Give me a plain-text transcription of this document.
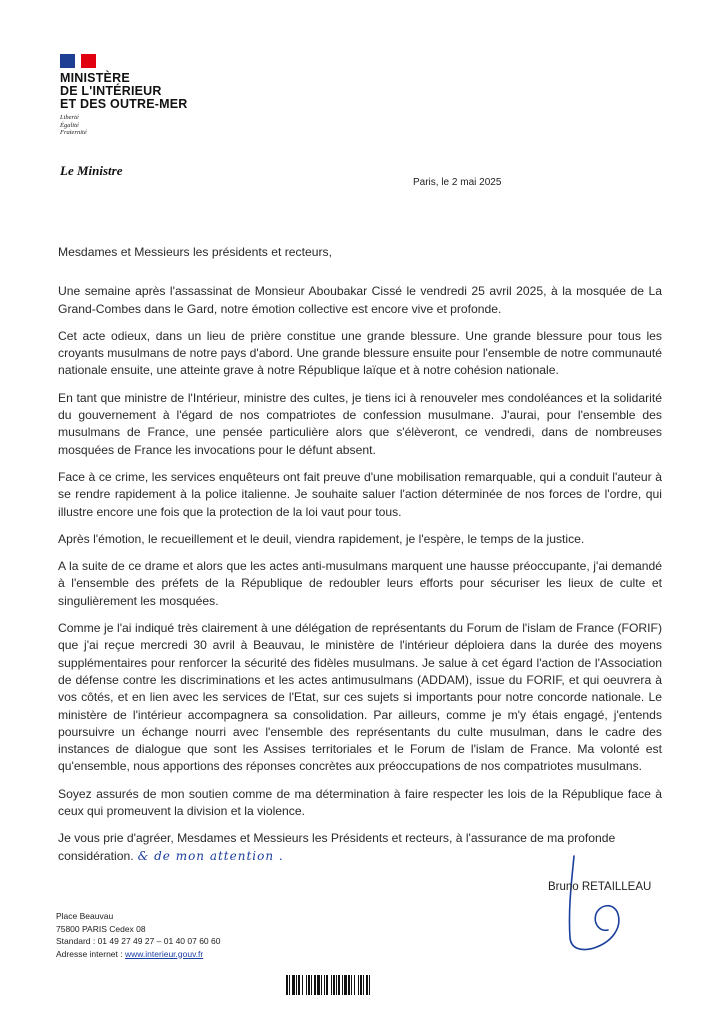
MINISTÈRE
DE L'INTÉRIEUR
ET DES OUTRE-MER
Liberté
Égalité
Fraternité
Le Ministre
Paris, le 2 mai 2025

Mesdames et Messieurs les présidents et recteurs,

Une semaine après l'assassinat de Monsieur Aboubakar Cissé le vendredi 25 avril 2025, à la mosquée de La Grand-Combes dans le Gard, notre émotion collective est encore vive et profonde.

Cet acte odieux, dans un lieu de prière constitue une grande blessure. Une grande blessure pour tous les croyants musulmans de notre pays d'abord. Une grande blessure ensuite pour l'ensemble de notre communauté nationale ensuite, une atteinte grave à notre République laïque et à notre cohésion nationale.

En tant que ministre de l'Intérieur, ministre des cultes, je tiens ici à renouveler mes condoléances et la solidarité du gouvernement à l'égard de nos compatriotes de confession musulmane. J'aurai, pour l'ensemble des musulmans de France, une pensée particulière alors que s'élèveront, ce vendredi, dans de nombreuses mosquées de France les invocations pour le défunt absent.

Face à ce crime, les services enquêteurs ont fait preuve d'une mobilisation remarquable, qui a conduit l'auteur à se rendre rapidement à la police italienne. Je souhaite saluer l'action déterminée de nos forces de l'ordre, qui illustre encore une fois que la protection de la loi vaut pour tous.

Après l'émotion, le recueillement et le deuil, viendra rapidement, je l'espère, le temps de la justice.

A la suite de ce drame et alors que les actes anti-musulmans marquent une hausse préoccupante, j'ai demandé à l'ensemble des préfets de la République de redoubler leurs efforts pour sécuriser les lieux de culte et singulièrement les mosquées.

Comme je l'ai indiqué très clairement à une délégation de représentants du Forum de l'islam de France (FORIF) que j'ai reçue mercredi 30 avril à Beauvau, le ministère de l'intérieur déploiera dans la durée des moyens supplémentaires pour renforcer la sécurité des fidèles musulmans. Je salue à cet égard l'action de l'Association de défense contre les discriminations et les actes antimusulmans (ADDAM), issue du FORIF, et qui oeuvrera à vos côtés, et en lien avec les services de l'Etat, sur ces sujets si importants pour notre concorde nationale. Le ministère de l'intérieur accompagnera sa consolidation. Par ailleurs, comme je m'y étais engagé, j'entends poursuivre un échange nourri avec l'ensemble des représentants du culte musulman, dans le cadre des instances de dialogue que sont les Assises territoriales et le Forum de l'islam de France. Ma volonté est qu'ensemble, nous apportions des réponses concrètes aux préoccupations de nos compatriotes musulmans.

Soyez assurés de mon soutien comme de ma détermination à faire respecter les lois de la République face à ceux qui promeuvent la division et la violence.

Je vous prie d'agréer, Mesdames et Messieurs les Présidents et recteurs, à l'assurance de ma profonde considération. & de mon attention .

Bruno RETAILLEAU
Place Beauvau
75800 PARIS Cedex 08
Standard : 01 49 27 49 27 – 01 40 07 60 60
Adresse internet : www.interieur.gouv.fr
